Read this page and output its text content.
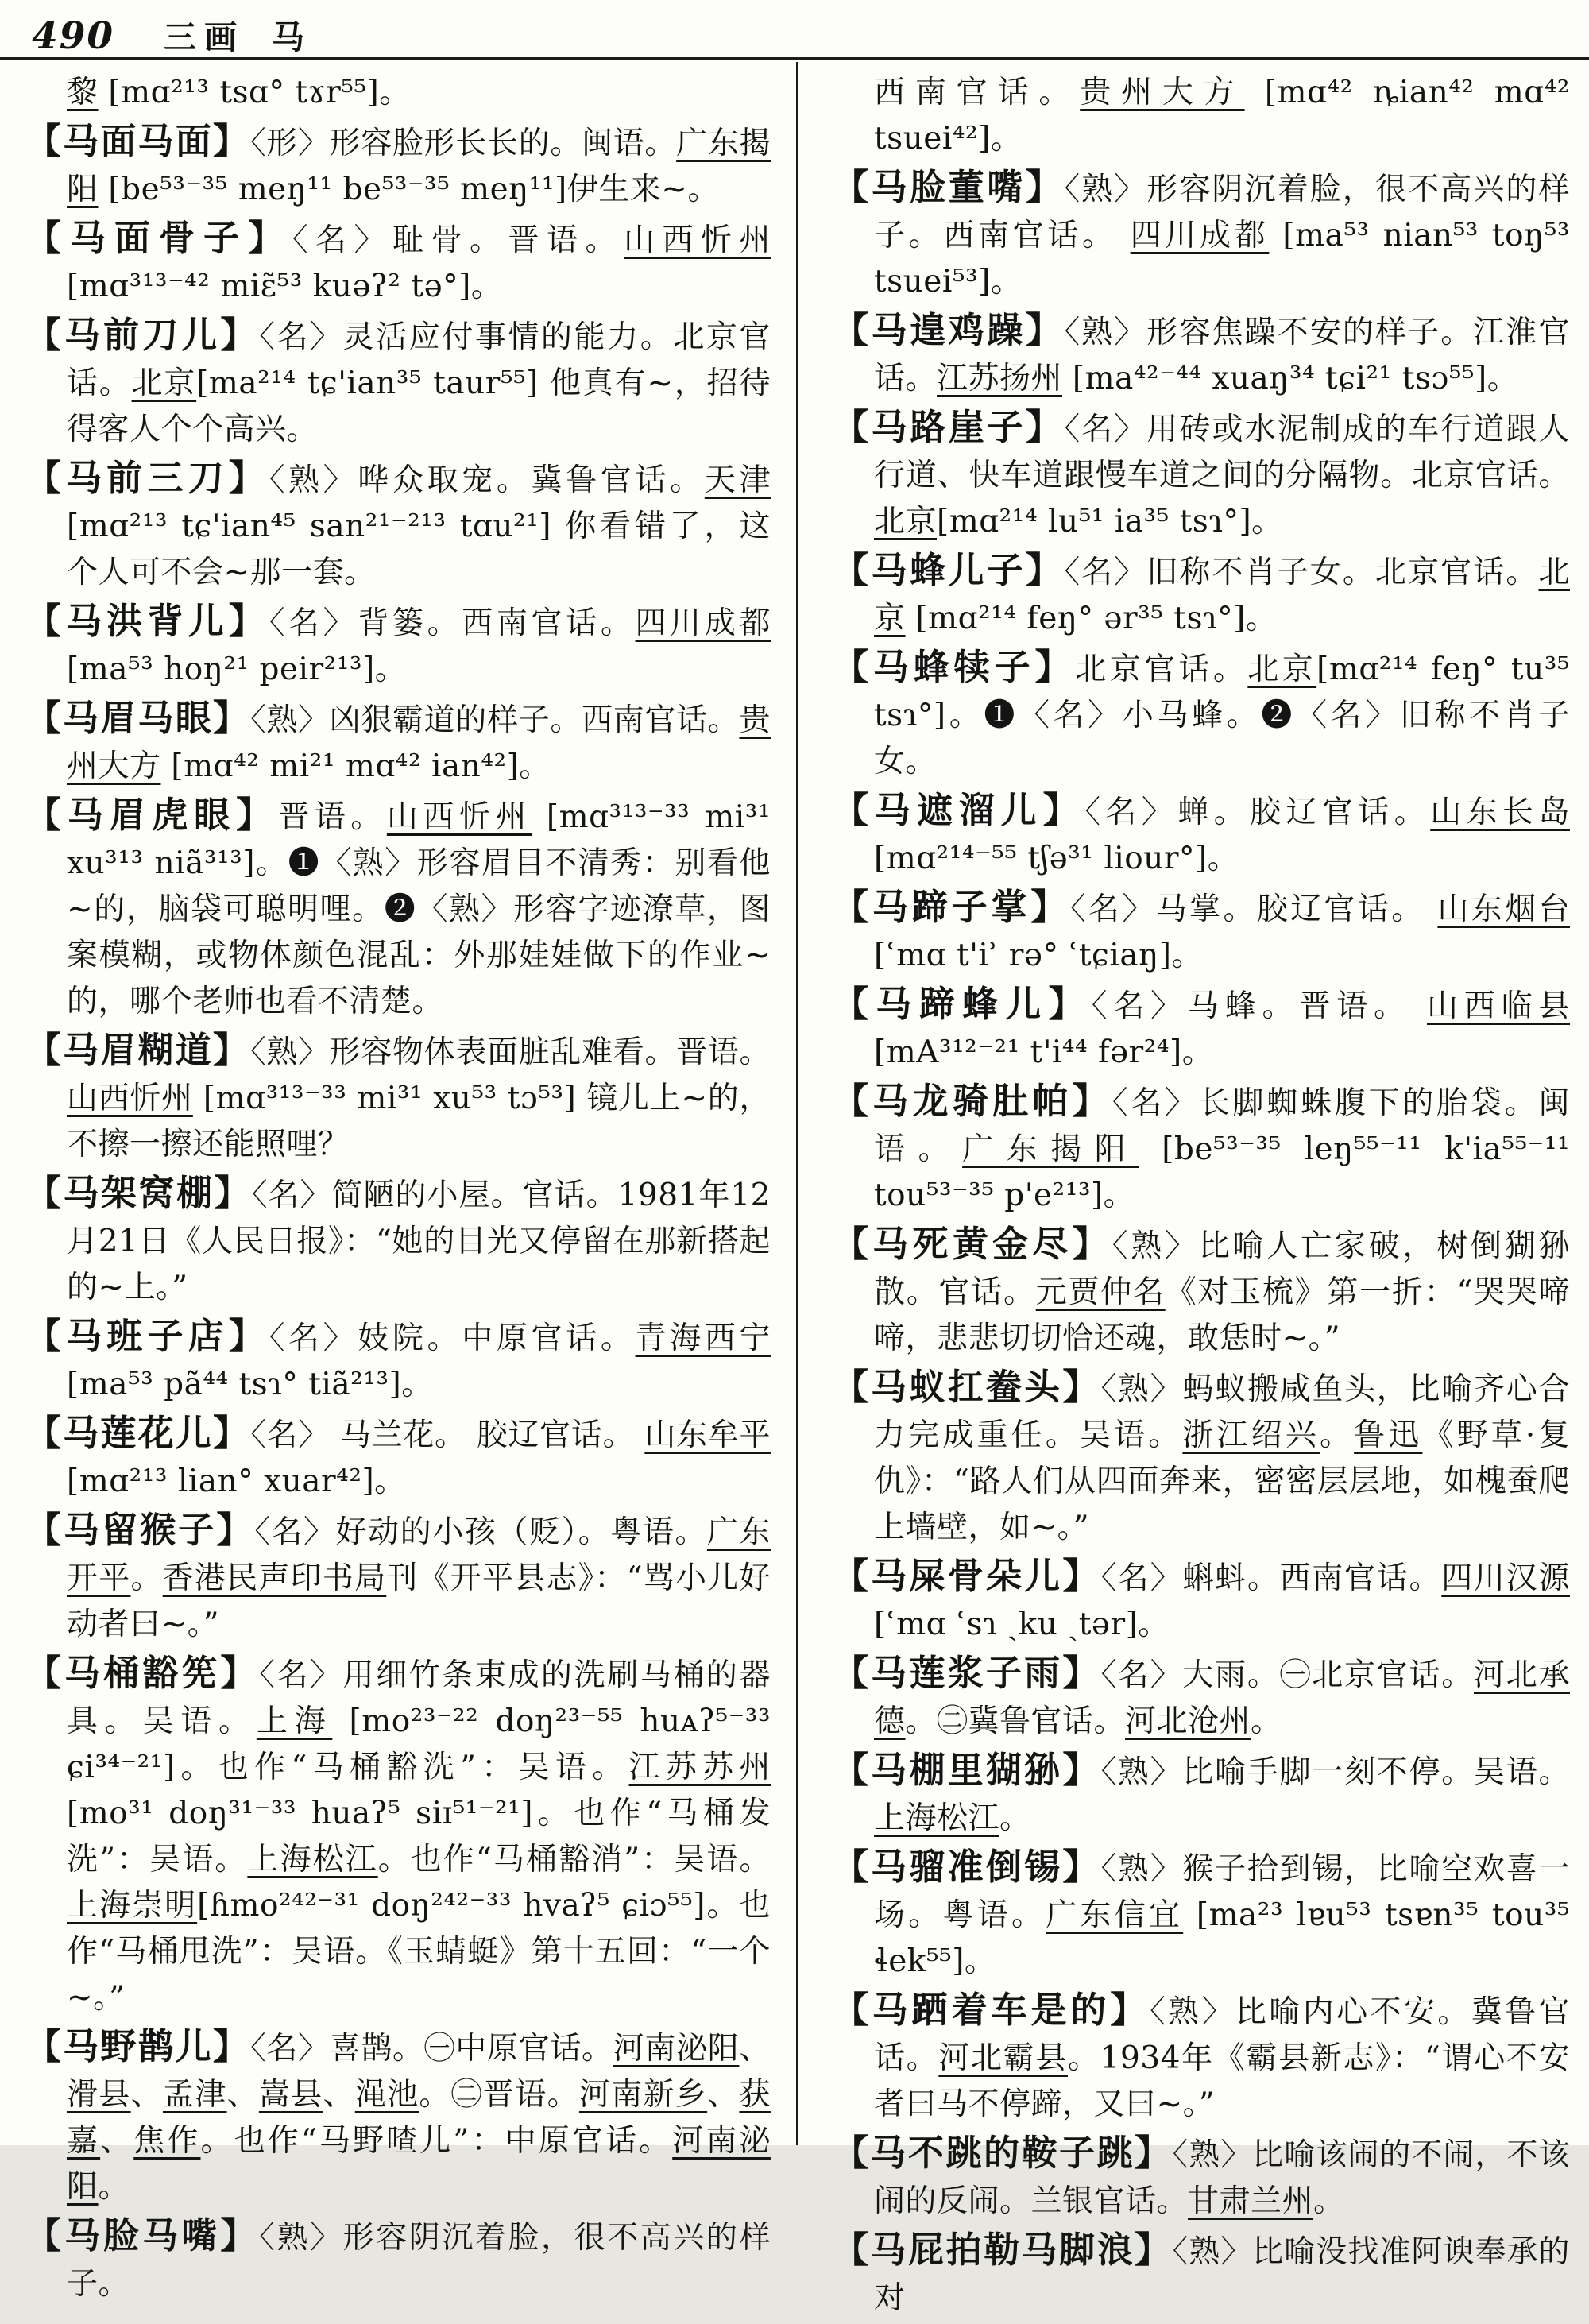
490 三画 马
黎 [mɑ²¹³ tsɑ° tɤr⁵⁵]。
【马面马面】〈形〉形容脸形长长的。闽语。广东揭阳 [be⁵³⁻³⁵ meŋ¹¹ be⁵³⁻³⁵ meŋ¹¹]伊生来~。
【马面骨子】〈名〉耻骨。晋语。山西忻州 [mɑ³¹³⁻⁴² miɛ̃⁵³ kuəʔ² tə°]。
【马前刀儿】〈名〉灵活应付事情的能力。北京官话。北京[ma²¹⁴ tɕ'ian³⁵ taur⁵⁵] 他真有~，招待得客人个个高兴。
【马前三刀】〈熟〉哗众取宠。冀鲁官话。天津 [mɑ²¹³ tɕ'ian⁴⁵ san²¹⁻²¹³ tɑu²¹] 你看错了，这个人可不会~那一套。
【马洪背儿】〈名〉背篓。西南官话。四川成都 [ma⁵³ hoŋ²¹ peir²¹³]。
【马眉马眼】〈熟〉凶狠霸道的样子。西南官话。贵州大方 [mɑ⁴² mi²¹ mɑ⁴² ian⁴²]。
【马眉虎眼】晋语。山西忻州 [mɑ³¹³⁻³³ mi³¹ xu³¹³ niã³¹³]。❶〈熟〉形容眉目不清秀：别看他~的，脑袋可聪明哩。❷〈熟〉形容字迹潦草，图案模糊，或物体颜色混乱：外那娃娃做下的作业~的，哪个老师也看不清楚。
【马眉糊道】〈熟〉形容物体表面脏乱难看。晋语。山西忻州 [mɑ³¹³⁻³³ mi³¹ xu⁵³ tɔ⁵³] 镜儿上~的，不擦一擦还能照哩？
【马架窝棚】〈名〉简陋的小屋。官话。1981年12月21日《人民日报》：“她的目光又停留在那新搭起的~上。”
【马班子店】〈名〉妓院。中原官话。青海西宁 [ma⁵³ pã⁴⁴ tsɿ° tiã²¹³]。
【马莲花儿】〈名〉 马兰花。 胶辽官话。 山东牟平 [mɑ²¹³ lian° xuar⁴²]。
【马留猴子】〈名〉好动的小孩（贬）。粤语。广东开平。香港民声印书局刊《开平县志》：“骂小儿好动者曰~。”
【马桶豁筅】〈名〉用细竹条束成的洗刷马桶的器具。吴语。上海 [mo²³⁻²² doŋ²³⁻⁵⁵ huᴀʔ⁵⁻³³ ɕi³⁴⁻²¹]。也作“马桶豁洗”：吴语。江苏苏州 [mo³¹ doŋ³¹⁻³³ huaʔ⁵ siɪ⁵¹⁻²¹]。也作“马桶发洗”：吴语。上海松江。也作“马桶豁消”：吴语。上海崇明[ɦmo²⁴²⁻³¹ doŋ²⁴²⁻³³ hvaʔ⁵ ɕiɔ⁵⁵]。也作“马桶甩洗”：吴语。《玉蜻蜓》第十五回：“一个~。”
【马野鹊儿】〈名〉喜鹊。㊀中原官话。河南泌阳、滑县、孟津、嵩县、渑池。㊁晋语。河南新乡、获嘉、焦作。也作“马野喳儿”：中原官话。河南泌阳。
【马脸马嘴】〈熟〉形容阴沉着脸，很不高兴的样子。
西南官话。贵州大方 [mɑ⁴² ȵian⁴² mɑ⁴² tsuei⁴²]。
【马脸董嘴】〈熟〉形容阴沉着脸，很不高兴的样子。西南官话。 四川成都 [ma⁵³ nian⁵³ toŋ⁵³ tsuei⁵³]。
【马遑鸡躁】〈熟〉形容焦躁不安的样子。江淮官话。江苏扬州 [ma⁴²⁻⁴⁴ xuaŋ³⁴ tɕi²¹ tsɔ⁵⁵]。
【马路崖子】〈名〉用砖或水泥制成的车行道跟人行道、快车道跟慢车道之间的分隔物。北京官话。北京[mɑ²¹⁴ lu⁵¹ ia³⁵ tsɿ°]。
【马蜂儿子】〈名〉旧称不肖子女。北京官话。北京 [mɑ²¹⁴ feŋ° ər³⁵ tsɿ°]。
【马蜂犊子】北京官话。北京[mɑ²¹⁴ feŋ° tu³⁵ tsɿ°]。❶〈名〉小马蜂。❷〈名〉旧称不肖子女。
【马遮溜儿】〈名〉蝉。胶辽官话。山东长岛 [mɑ²¹⁴⁻⁵⁵ tʃə³¹ liour°]。
【马蹄子掌】〈名〉马掌。胶辽官话。 山东烟台 [ʿmɑ t'iʾ rə° ʿtɕiaŋ]。
【马蹄蜂儿】〈名〉马蜂。晋语。 山西临县 [mA³¹²⁻²¹ t'i⁴⁴ fər²⁴]。
【马龙骑肚帕】〈名〉长脚蜘蛛腹下的胎袋。闽语。广东揭阳 [be⁵³⁻³⁵ leŋ⁵⁵⁻¹¹ k'ia⁵⁵⁻¹¹ tou⁵³⁻³⁵ p'e²¹³]。
【马死黄金尽】〈熟〉比喻人亡家破，树倒猢狲散。官话。元贾仲名《对玉梳》第一折：“哭哭啼啼，悲悲切切恰还魂，敢恁时~。”
【马蚁扛鲞头】〈熟〉蚂蚁搬咸鱼头，比喻齐心合力完成重任。吴语。浙江绍兴。鲁迅《野草·复仇》：“路人们从四面奔来，密密层层地，如槐蚕爬上墙壁，如~。”
【马屎骨朵儿】〈名〉蝌蚪。西南官话。四川汉源 [ʿmɑ ʿsɿ ˎku ˎtər]。
【马莲浆子雨】〈名〉大雨。㊀北京官话。河北承德。㊁冀鲁官话。河北沧州。
【马棚里猢狲】〈熟〉比喻手脚一刻不停。吴语。上海松江。
【马骝准倒锡】〈熟〉猴子拾到锡，比喻空欢喜一场。粤语。广东信宜 [ma²³ lɐu⁵³ tsɐn³⁵ tou³⁵ ɬek⁵⁵]。
【马跴着车是的】〈熟〉比喻内心不安。冀鲁官话。河北霸县。1934年《霸县新志》：“谓心不安者曰马不停蹄，又曰~。”
【马不跳的鞍子跳】〈熟〉比喻该闹的不闹，不该闹的反闹。兰银官话。甘肃兰州。
【马屁拍勒马脚浪】〈熟〉比喻没找准阿谀奉承的对
